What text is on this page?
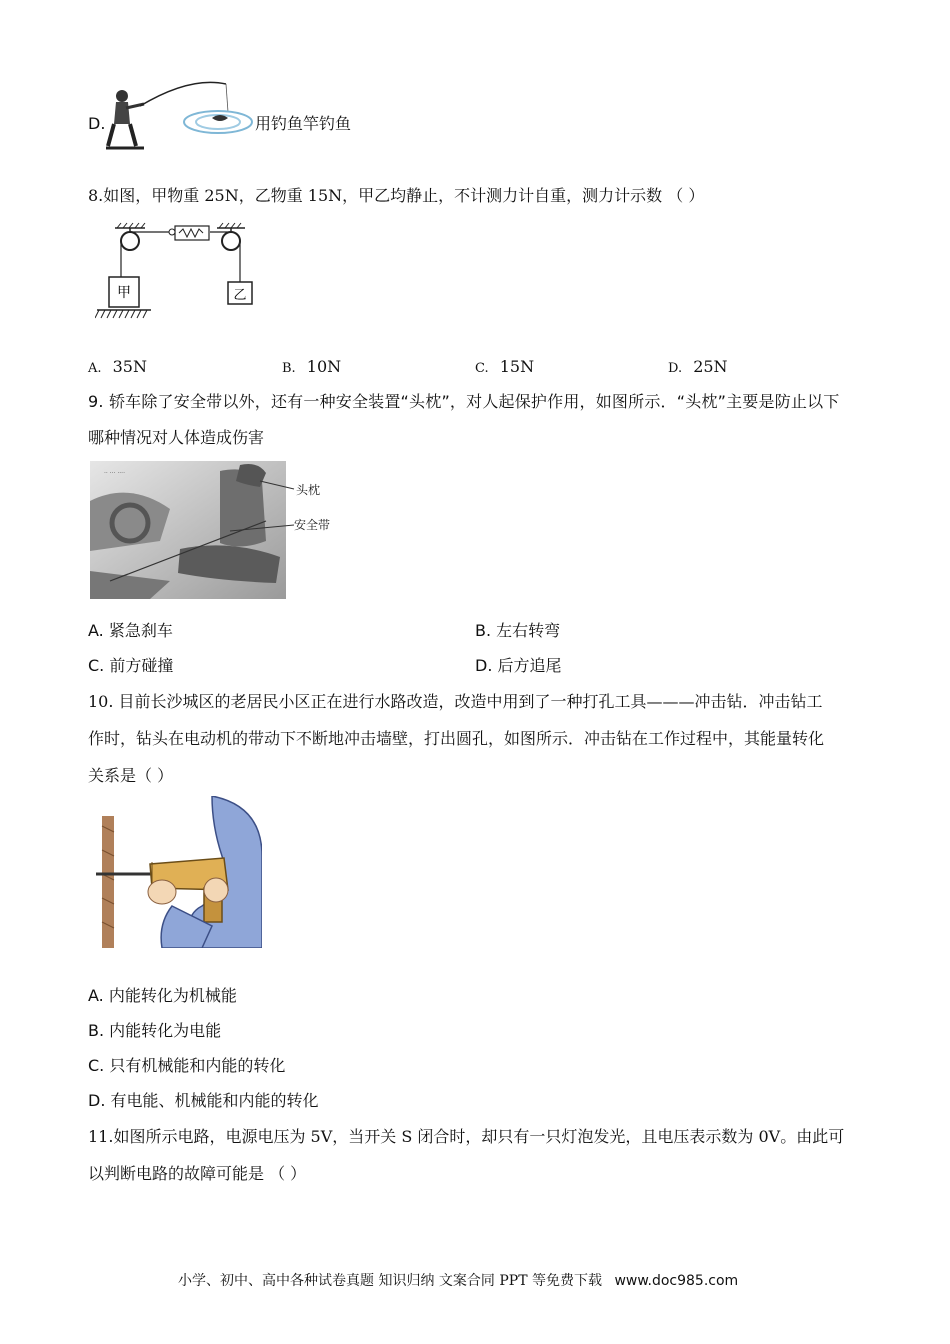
D.	用钓鱼竿钓鱼
8.如图，甲物重 25N，乙物重 15N，甲乙均静止，不计测力计自重，测力计示数 （ ）
甲	乙
A. 35N	B. 10N	C. 15N	D. 25N
9. 轿车除了安全带以外，还有一种安全装置“头枕”，对人起保护作用，如图所示．“头枕”主要是防止以下
哪种情况对人体造成伤害
·· ··· ····
头枕
安全带
A. 紧急刹车	B. 左右转弯
C. 前方碰撞	D. 后方追尾
10. 目前长沙城区的老居民小区正在进行水路改造，改造中用到了一种打孔工具———冲击钻．冲击钻工
作时，钻头在电动机的带动下不断地冲击墙壁，打出圆孔，如图所示．冲击钻在工作过程中，其能量转化
关系是（ ）
A. 内能转化为机械能
B. 内能转化为电能
C. 只有机械能和内能的转化
D. 有电能、机械能和内能的转化
11.如图所示电路，电源电压为 5V，当开关 S 闭合时，却只有一只灯泡发光，且电压表示数为 0V。由此可
以判断电路的故障可能是 （ ）
小学、初中、高中各种试卷真题 知识归纳 文案合同 PPT 等免费下载 www.doc985.com
